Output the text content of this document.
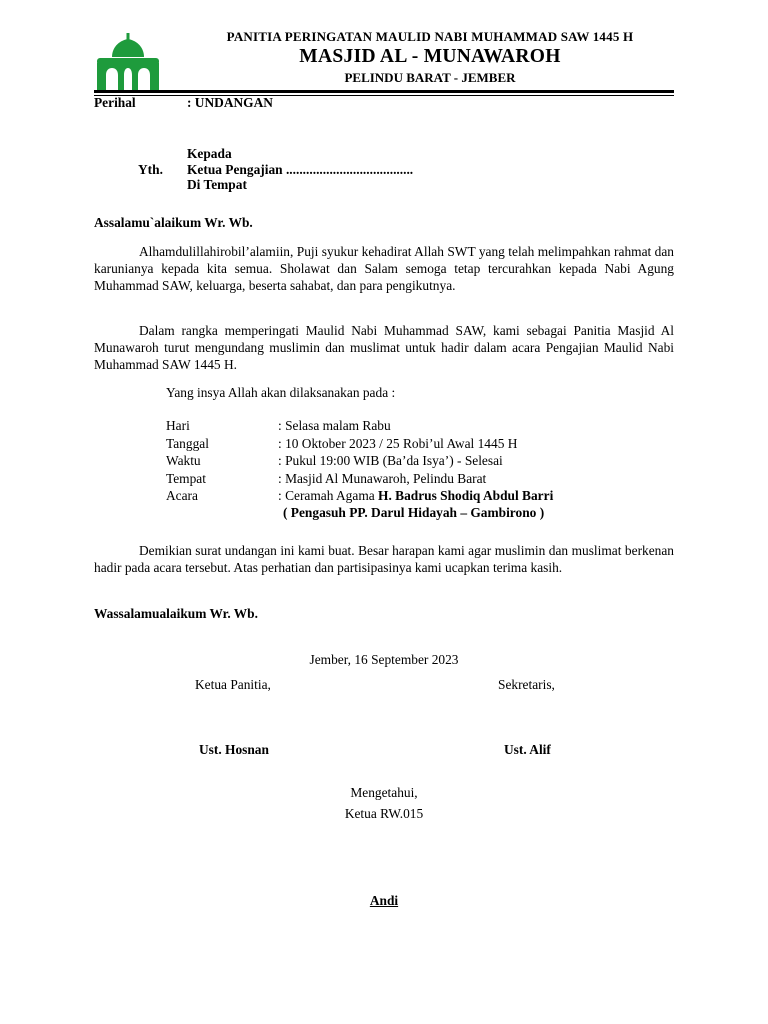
PANITIA PERINGATAN MAULID NABI MUHAMMAD SAW 1445 H
MASJID AL - MUNAWAROH
PELINDU BARAT - JEMBER
Perihal	: UNDANGAN
Kepada
Yth. Ketua Pengajian ......................................
Di Tempat
Assalamu`alaikum Wr. Wb.
Alhamdulillahirobil’alamiin, Puji syukur kehadirat Allah SWT yang telah melimpahkan rahmat dan karunianya kepada kita semua. Sholawat dan Salam semoga tetap tercurahkan kepada Nabi Agung Muhammad SAW, keluarga, beserta sahabat, dan para pengikutnya.
Dalam rangka memperingati Maulid Nabi Muhammad SAW, kami sebagai Panitia Masjid Al Munawaroh turut mengundang muslimin dan muslimat untuk hadir dalam acara Pengajian Maulid Nabi Muhammad SAW 1445 H.
Yang insya Allah akan dilaksanakan pada :
Hari	: Selasa malam Rabu
Tanggal	: 10 Oktober 2023 / 25 Robi’ul Awal 1445 H
Waktu	: Pukul 19:00 WIB (Ba’da Isya’) - Selesai
Tempat	: Masjid Al Munawaroh, Pelindu Barat
Acara	: Ceramah Agama H. Badrus Shodiq Abdul Barri
( Pengasuh PP. Darul Hidayah – Gambirono )
Demikian surat undangan ini kami buat. Besar harapan kami agar muslimin dan muslimat berkenan hadir pada acara tersebut. Atas perhatian dan partisipasinya kami ucapkan terima kasih.
Wassalamualaikum Wr. Wb.
Jember, 16 September 2023
Ketua Panitia,	Sekretaris,
Ust. Hosnan	Ust. Alif
Mengetahui,
Ketua RW.015
Andi
